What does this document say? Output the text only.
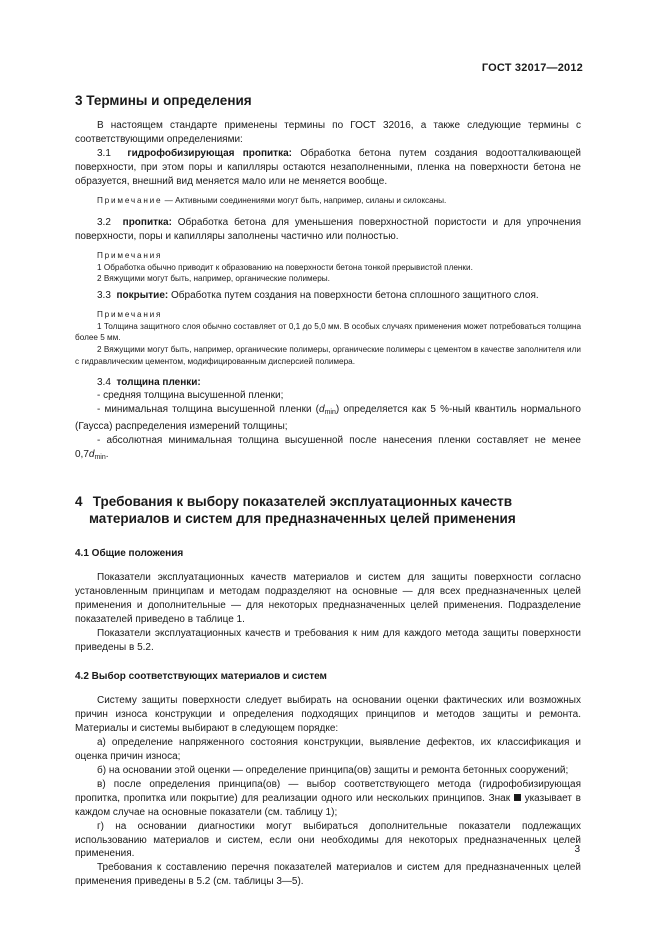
ГОСТ 32017—2012
3 Термины и определения

В настоящем стандарте применены термины по ГОСТ 32016, а также следующие термины с соответствующими определениями:

3.1 гидрофобизирующая пропитка: Обработка бетона путем создания водоотталкивающей поверхности, при этом поры и капилляры остаются незаполненными, пленка на поверхности бетона не образуется, внешний вид меняется мало или не меняется вообще.

Примечание — Активными соединениями могут быть, например, силаны и силоксаны.

3.2 пропитка: Обработка бетона для уменьшения поверхностной пористости и для упрочнения поверхности, поры и капилляры заполнены частично или полностью.

Примечания

1 Обработка обычно приводит к образованию на поверхности бетона тонкой прерывистой пленки.

2 Вяжущими могут быть, например, органические полимеры.

3.3 покрытие: Обработка путем создания на поверхности бетона сплошного защитного слоя.

Примечания

1 Толщина защитного слоя обычно составляет от 0,1 до 5,0 мм. В особых случаях применения может потребоваться толщина более 5 мм.

2 Вяжущими могут быть, например, органические полимеры, органические полимеры с цементом в качестве заполнителя или с гидравлическим цементом, модифицированным дисперсией полимера.

3.4 толщина пленки:

- средняя толщина высушенной пленки;

- минимальная толщина высушенной пленки $(d_{min})$ определяется как 5 %-ный квантиль нормального (Гаусса) распределения измерений толщины;

- абсолютная минимальная толщина высушенной после нанесения пленки составляет не менее $0,7d_{min}$.

4 Требования к выбору показателей эксплуатационных качеств
материалов и систем для предназначенных целей применения
4.1 Общие положения

Показатели эксплуатационных качеств материалов и систем для защиты поверхности согласно установленным принципам и методам подразделяют на основные — для всех предназначенных целей применения и дополнительные — для некоторых предназначенных целей применения. Подразделение показателей приведено в таблице 1.

Показатели эксплуатационных качеств и требования к ним для каждого метода защиты поверхности приведены в 5.2.

4.2 Выбор соответствующих материалов и систем

Систему защиты поверхности следует выбирать на основании оценки фактических или возможных причин износа конструкции и определения подходящих принципов и методов защиты и ремонта. Материалы и системы выбирают в следующем порядке:

а) определение напряженного состояния конструкции, выявление дефектов, их классификация и оценка причин износа;

б) на основании этой оценки — определение принципа(ов) защиты и ремонта бетонных сооружений;

в) после определения принципа(ов) — выбор соответствующего метода (гидрофобизирующая пропитка, пропитка или покрытие) для реализации одного или нескольких принципов. Знак  указывает в каждом случае на основные показатели (см. таблицу 1);

г) на основании диагностики могут выбираться дополнительные показатели подлежащих использованию материалов и систем, если они необходимы для некоторых предназначенных целей применения.

Требования к составлению перечня показателей материалов и систем для предназначенных целей применения приведены в 5.2 (см. таблицы 3—5).

3
